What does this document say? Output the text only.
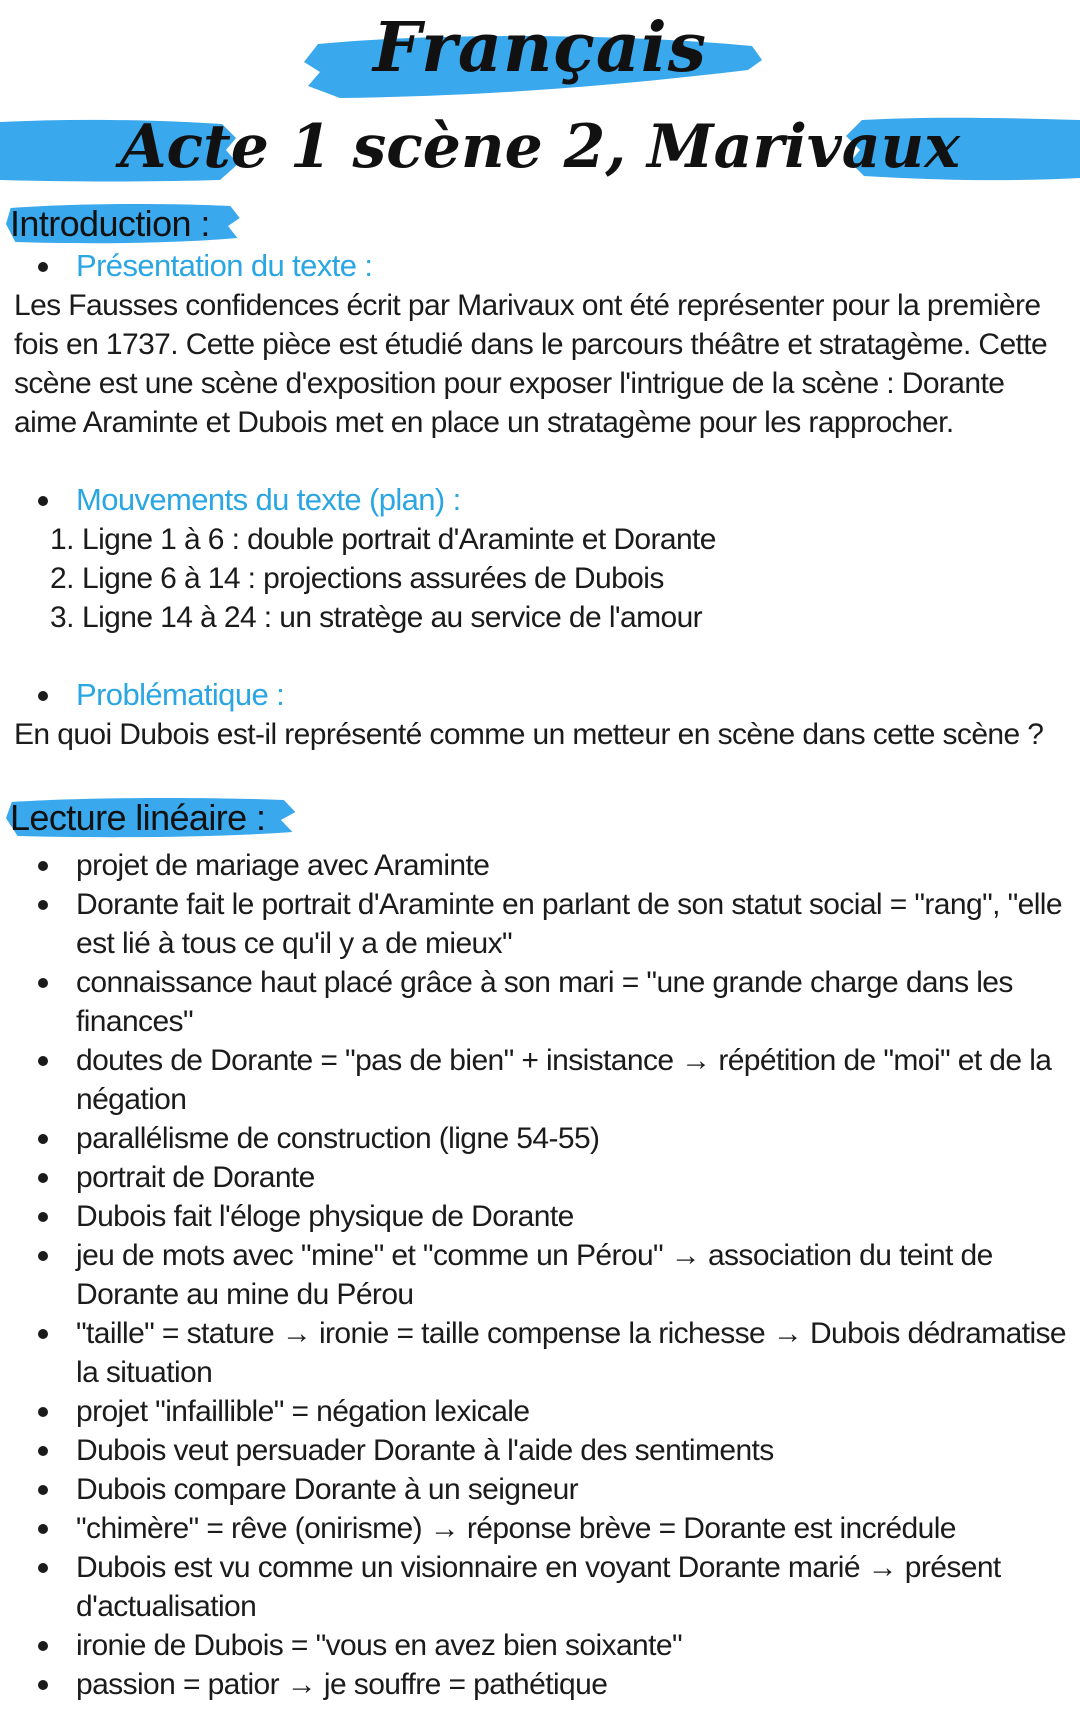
Français
Acte 1 scène 2, Marivaux
Introduction :
Présentation du texte :

Les Fausses confidences écrit par Marivaux ont été représenter pour la première fois en 1737. Cette pièce est étudié dans le parcours théâtre et stratagème. Cette scène est une scène d'exposition pour exposer l'intrigue de la scène : Dorante aime Araminte et Dubois met en place un stratagème pour les rapprocher.

Mouvements du texte (plan) :
1. Ligne 1 à 6 : double portrait d'Araminte et Dorante
2. Ligne 6 à 14 : projections assurées de Dubois
3. Ligne 14 à 24 : un stratège au service de l'amour
Problématique :

En quoi Dubois est-il représenté comme un metteur en scène dans cette scène ?

Lecture linéaire :
projet de mariage avec Araminte
Dorante fait le portrait d'Araminte en parlant de son statut social = "rang", "elle est lié à tous ce qu'il y a de mieux"
connaissance haut placé grâce à son mari = "une grande charge dans les finances"
doutes de Dorante = "pas de bien" + insistance → répétition de "moi" et de la négation
parallélisme de construction (ligne 54-55)
portrait de Dorante
Dubois fait l'éloge physique de Dorante
jeu de mots avec "mine" et "comme un Pérou" → association du teint de Dorante au mine du Pérou
"taille" = stature → ironie = taille compense la richesse → Dubois dédramatise la situation
projet "infaillible" = négation lexicale
Dubois veut persuader Dorante à l'aide des sentiments
Dubois compare Dorante à un seigneur
"chimère" = rêve (onirisme) → réponse brève = Dorante est incrédule
Dubois est vu comme un visionnaire en voyant Dorante marié → présent d'actualisation
ironie de Dubois = "vous en avez bien soixante"
passion = patior → je souffre = pathétique
